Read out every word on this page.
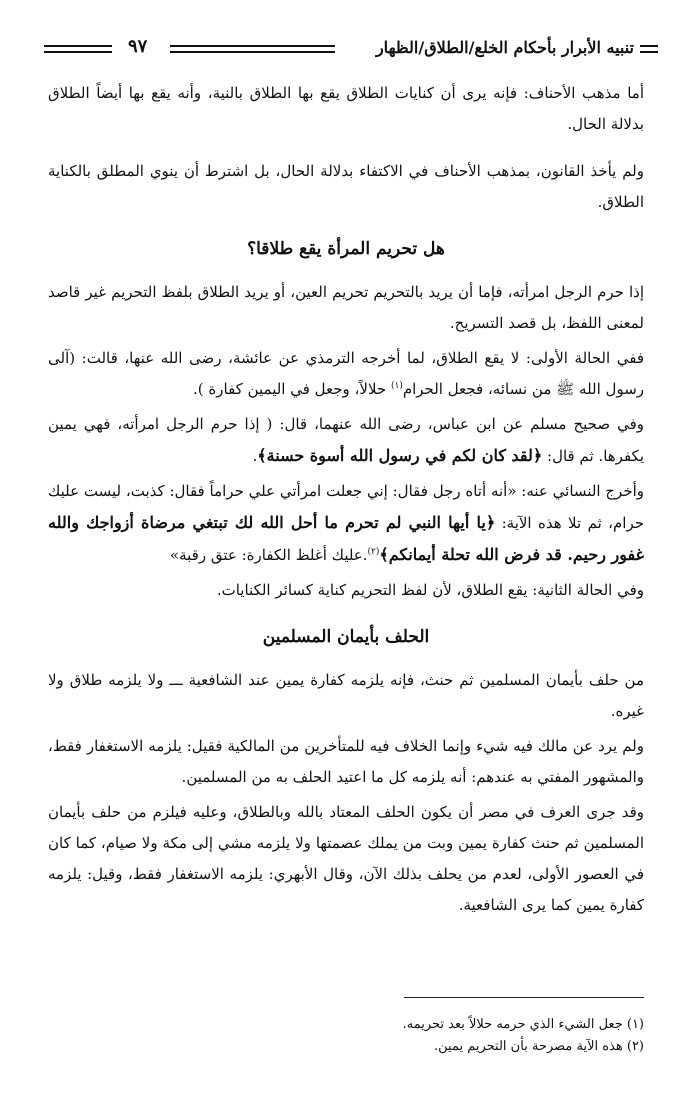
تنبيه الأبرار بأحكام الخلع/الطلاق/الظهار
٩٧

أما مذهب الأحناف: فإنه يرى أن كنايات الطلاق يقع بها الطلاق بالنية، وأنه يقع بها أيضاً الطلاق بدلالة الحال.

ولم يأخذ القانون، بمذهب الأحناف في الاكتفاء بدلالة الحال، بل اشترط أن ينوي المطلق بالكناية الطلاق.

هل تحريم المرأة يقع طلاقا؟

إذا حرم الرجل امرأته، فإما أن يريد بالتحريم تحريم العين، أو يريد الطلاق بلفظ التحريم غير قاصد لمعنى اللفظ، بل قصد التسريح.

ففي الحالة الأولى: لا يقع الطلاق، لما أخرجه الترمذي عن عائشة، رضى الله عنها، قالت: (آلى رسول الله ﷺ من نسائه، فجعل الحرام$^{(١)}$ حلالاً، وجعل في اليمين كفارة ).

وفي صحيح مسلم عن ابن عباس، رضى الله عنهما، قال: ( إذا حرم الرجل امرأته، فهي يمين يكفرها. ثم قال: ﴿لقد كان لكم في رسول الله أسوة حسنة﴾.

وأخرج النسائي عنه: «أنه أتاه رجل فقال: إني جعلت امرأتي علي حراماً فقال: كذبت، ليست عليك حرام، ثم تلا هذه الآية: ﴿يا أيها النبي لم تحرم ما أحل الله لك تبتغي مرضاة أزواجك والله غفور رحيم. قد فرض الله تحلة أيمانكم﴾$^{(٢)}$.عليك أغلظ الكفارة: عتق رقبة»

وفي الحالة الثانية: يقع الطلاق، لأن لفظ التحريم كناية كسائر الكنايات.

الحلف بأيمان المسلمين

من حلف بأيمان المسلمين ثم حنث، فإنه يلزمه كفارة يمين عند الشافعية ـــ ولا يلزمه طلاق ولا غيره.

ولم يرد عن مالك فيه شيء وإنما الخلاف فيه للمتأخرين من المالكية فقيل: يلزمه الاستغفار فقط، والمشهور المفتي به عندهم: أنه يلزمه كل ما اعتيد الحلف به من المسلمين.

وقد جرى العرف في مصر أن يكون الحلف المعتاد بالله وبالطلاق، وعليه فيلزم من حلف بأيمان المسلمين ثم حنث كفارة يمين وبت من يملك عصمتها ولا يلزمه مشي إلى مكة ولا صيام، كما كان في العصور الأولى، لعدم من يحلف بذلك الآن، وقال الأبهري: يلزمه الاستغفار فقط، وقيل: يلزمه كفارة يمين كما يرى الشافعية.

(١) جعل الشيء الذي حرمه حلالاً بعد تحريمه.
(٢) هذه الآية مصرحة بأن التحريم يمين.
